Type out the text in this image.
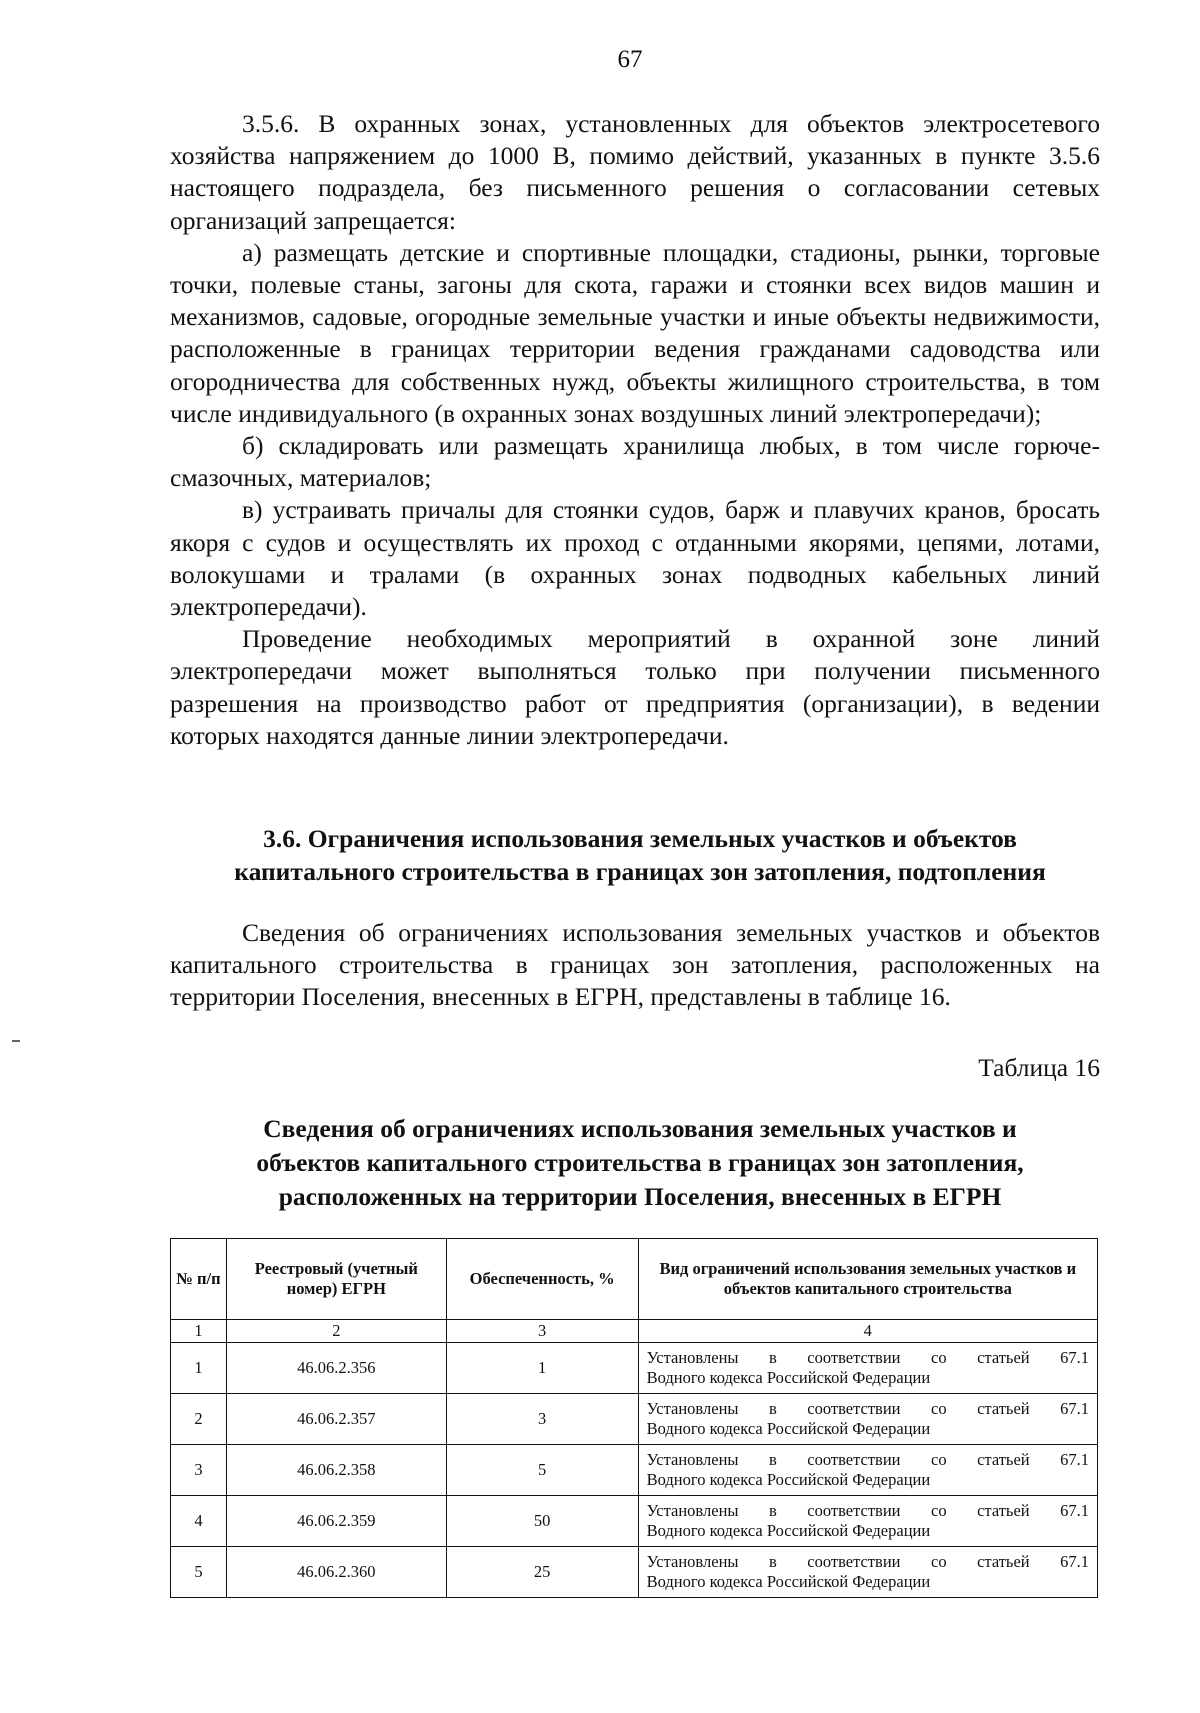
67

3.5.6. В охранных зонах, установленных для объектов электросетевого хозяйства напряжением до 1000 В, помимо действий, указанных в пункте 3.5.6 настоящего подраздела, без письменного решения о согласовании сетевых организаций запрещается:

а) размещать детские и спортивные площадки, стадионы, рынки, торговые точки, полевые станы, загоны для скота, гаражи и стоянки всех видов машин и механизмов, садовые, огородные земельные участки и иные объекты недвижимости, расположенные в границах территории ведения гражданами садоводства или огородничества для собственных нужд, объекты жилищного строительства, в том числе индивидуального (в охранных зонах воздушных линий электропередачи);

б) складировать или размещать хранилища любых, в том числе горюче-смазочных, материалов;

в) устраивать причалы для стоянки судов, барж и плавучих кранов, бросать якоря с судов и осуществлять их проход с отданными якорями, цепями, лотами, волокушами и тралами (в охранных зонах подводных кабельных линий электропередачи).

Проведение необходимых мероприятий в охранной зоне линий электропередачи может выполняться только при получении письменного разрешения на производство работ от предприятия (организации), в ведении которых находятся данные линии электропередачи.

3.6. Ограничения использования земельных участков и объектов
капитального строительства в границах зон затопления, подтопления

Сведения об ограничениях использования земельных участков и объектов капитального строительства в границах зон затопления, расположенных на территории Поселения, внесенных в ЕГРН, представлены в таблице 16.

Таблица 16
Сведения об ограничениях использования земельных участков и
объектов капитального строительства в границах зон затопления,
расположенных на территории Поселения, внесенных в ЕГРН
№ п/п	Реестровый (учетный номер) ЕГРН	Обеспеченность, %	Вид ограничений использования земельных участков и объектов капитального строительства
1	2	3	4
1	46.06.2.356	1	Установлены в соответствии со статьей 67.1
Водного кодекса Российской Федерации

2	46.06.2.357	3	Установлены в соответствии со статьей 67.1
Водного кодекса Российской Федерации

3	46.06.2.358	5	Установлены в соответствии со статьей 67.1
Водного кодекса Российской Федерации

4	46.06.2.359	50	Установлены в соответствии со статьей 67.1
Водного кодекса Российской Федерации

5	46.06.2.360	25	Установлены в соответствии со статьей 67.1
Водного кодекса Российской Федерации
